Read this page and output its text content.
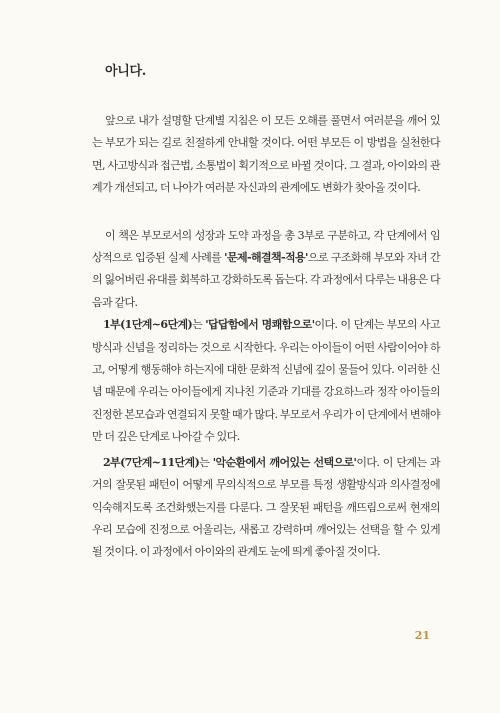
아니다.

앞으로 내가 설명할 단계별 지침은 이 모든 오해를 풀면서 여러분을 깨어 있는 부모가 되는 길로 친절하게 안내할 것이다. 어떤 부모든 이 방법을 실천한다면, 사고방식과 접근법, 소통법이 획기적으로 바뀔 것이다. 그 결과, 아이와의 관계가 개선되고, 더 나아가 여러분 자신과의 관계에도 변화가 찾아올 것이다.

이 책은 부모로서의 성장과 도약 과정을 총 3부로 구분하고, 각 단계에서 임상적으로 입증된 실제 사례를 '문제-해결책-적용'으로 구조화해 부모와 자녀 간의 잃어버린 유대를 회복하고 강화하도록 돕는다. 각 과정에서 다루는 내용은 다음과 같다.

1부(1단계~6단계)는 '답답함에서 명쾌함으로'이다. 이 단계는 부모의 사고방식과 신념을 정리하는 것으로 시작한다. 우리는 아이들이 어떤 사람이어야 하고, 어떻게 행동해야 하는지에 대한 문화적 신념에 깊이 물들어 있다. 이러한 신념 때문에 우리는 아이들에게 지나친 기준과 기대를 강요하느라 정작 아이들의 진정한 본모습과 연결되지 못할 때가 많다. 부모로서 우리가 이 단계에서 변해야만 더 깊은 단계로 나아갈 수 있다.

2부(7단계~11단계)는 '악순환에서 깨어있는 선택으로'이다. 이 단계는 과거의 잘못된 패턴이 어떻게 무의식적으로 부모를 특정 생활방식과 의사결정에 익숙해지도록 조건화했는지를 다룬다. 그 잘못된 패턴을 깨뜨림으로써 현재의 우리 모습에 진정으로 어울리는, 새롭고 강력하며 깨어있는 선택을 할 수 있게 될 것이다. 이 과정에서 아이와의 관계도 눈에 띄게 좋아질 것이다.

21
